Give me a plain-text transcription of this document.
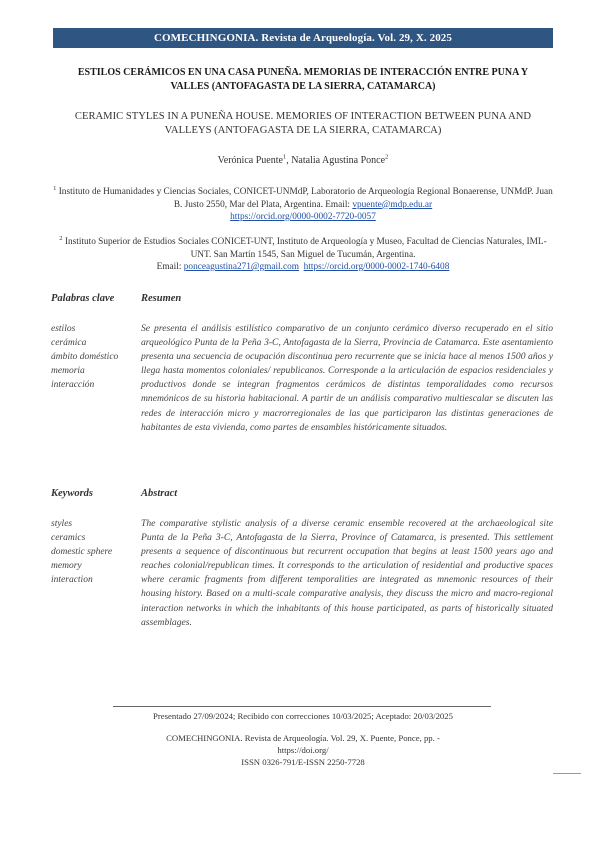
COMECHINGONIA. Revista de Arqueología. Vol. 29, X. 2025
ESTILOS CERÁMICOS EN UNA CASA PUNEÑA. MEMORIAS DE INTERACCIÓN ENTRE PUNA Y VALLES (ANTOFAGASTA DE LA SIERRA, CATAMARCA)
CERAMIC STYLES IN A PUNEÑA HOUSE. MEMORIES OF INTERACTION BETWEEN PUNA AND VALLEYS (ANTOFAGASTA DE LA SIERRA, CATAMARCA)
Verónica Puente$^1$, Natalia Agustina Ponce$^2$
$^1$ Instituto de Humanidades y Ciencias Sociales, CONICET-UNMdP, Laboratorio de Arqueología Regional Bonaerense, UNMdP. Juan B. Justo 2550, Mar del Plata, Argentina. Email: vpuente@mdp.edu.ar
https://orcid.org/0000-0002-7720-0057
$^2$ Instituto Superior de Estudios Sociales CONICET-UNT, Instituto de Arqueología y Museo, Facultad de Ciencias Naturales, IML-UNT. San Martín 1545, San Miguel de Tucumán, Argentina.
Email: ponceagustina271@gmail.com https://orcid.org/0000-0002-1740-6408
Palabras clave	Resumen
estilos
cerámica
ámbito doméstico
memoria
interacción
Se presenta el análisis estilístico comparativo de un conjunto cerámico diverso recuperado en el sitio arqueológico Punta de la Peña 3-C, Antofagasta de la Sierra, Provincia de Catamarca. Este asentamiento presenta una secuencia de ocupación discontinua pero recurrente que se inicia hace al menos 1500 años y llega hasta momentos coloniales/ republicanos. Corresponde a la articulación de espacios residenciales y productivos donde se integran fragmentos cerámicos de distintas temporalidades como recursos mnemónicos de su historia habitacional. A partir de un análisis comparativo multiescalar se discuten las redes de interacción micro y macrorregionales de las que participaron las distintas generaciones de habitantes de esta vivienda, como partes de ensambles históricamente situados.
Keywords	Abstract
styles
ceramics
domestic sphere
memory
interaction
The comparative stylistic analysis of a diverse ceramic ensemble recovered at the archaeological site Punta de la Peña 3-C, Antofagasta de la Sierra, Province of Catamarca, is presented. This settlement presents a sequence of discontinuous but recurrent occupation that begins at least 1500 years ago and reaches colonial/republican times. It corresponds to the articulation of residential and productive spaces where ceramic fragments from different temporalities are integrated as mnemonic resources of their housing history. Based on a multi-scale comparative analysis, they discuss the micro and macro-regional interaction networks in which the inhabitants of this house participated, as parts of historically situated assemblages.
Presentado 27/09/2024; Recibido con correcciones 10/03/2025; Aceptado: 20/03/2025
COMECHINGONIA. Revista de Arqueología. Vol. 29, X. Puente, Ponce, pp. -
https://doi.org/
ISSN 0326-791/E-ISSN 2250-7728
